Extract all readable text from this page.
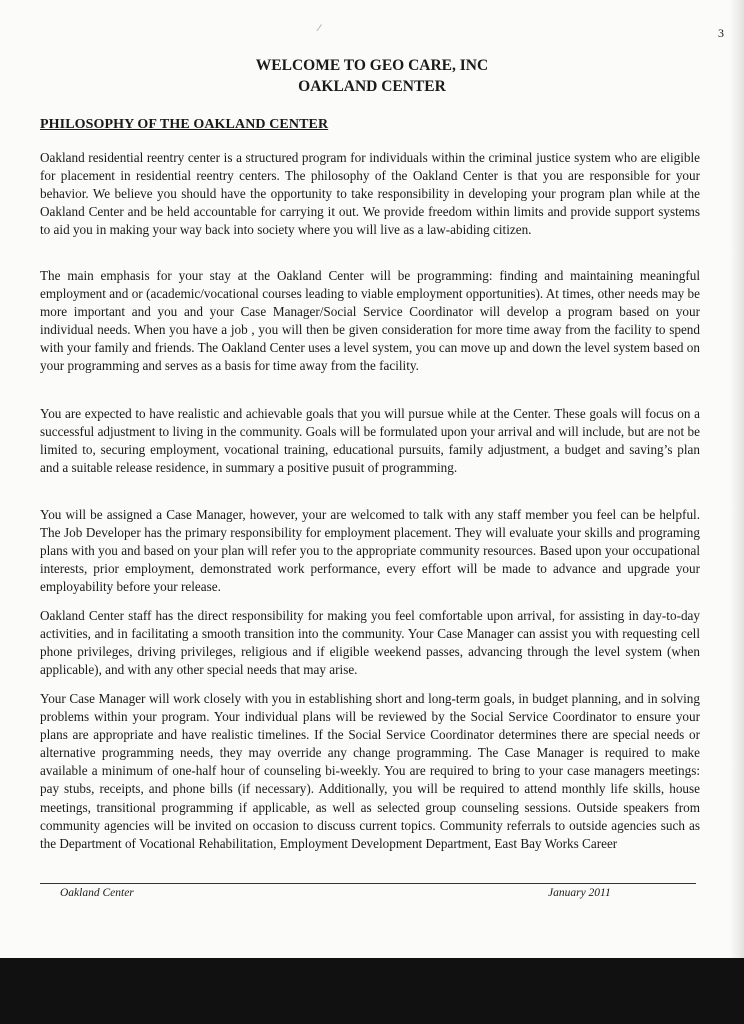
3
WELCOME TO GEO CARE, INC
OAKLAND CENTER
PHILOSOPHY OF THE OAKLAND CENTER

Oakland residential reentry center is a structured program for individuals within the criminal justice system who are eligible for placement in residential reentry centers. The philosophy of the Oakland Center is that you are responsible for your behavior. We believe you should have the opportunity to take responsibility in developing your program plan while at the Oakland Center and be held accountable for carrying it out. We provide freedom within limits and provide support systems to aid you in making your way back into society where you will live as a law-abiding citizen.

The main emphasis for your stay at the Oakland Center will be programming: finding and maintaining meaningful employment and or (academic/vocational courses leading to viable employment opportunities). At times, other needs may be more important and you and your Case Manager/Social Service Coordinator will develop a program based on your individual needs. When you have a job , you will then be given consideration for more time away from the facility to spend with your family and friends. The Oakland Center uses a level system, you can move up and down the level system based on your programming and serves as a basis for time away from the facility.

You are expected to have realistic and achievable goals that you will pursue while at the Center. These goals will focus on a successful adjustment to living in the community. Goals will be formulated upon your arrival and will include, but are not be limited to, securing employment, vocational training, educational pursuits, family adjustment, a budget and saving’s plan and a suitable release residence, in summary a positive pusuit of programming.

You will be assigned a Case Manager, however, your are welcomed to talk with any staff member you feel can be helpful. The Job Developer has the primary responsibility for employment placement. They will evaluate your skills and programing plans with you and based on your plan will refer you to the appropriate community resources. Based upon your occupational interests, prior employment, demonstrated work performance, every effort will be made to advance and upgrade your employability before your release.

Oakland Center staff has the direct responsibility for making you feel comfortable upon arrival, for assisting in day-to-day activities, and in facilitating a smooth transition into the community. Your Case Manager can assist you with requesting cell phone privileges, driving privileges, religious and if eligible weekend passes, advancing through the level system (when applicable), and with any other special needs that may arise.

Your Case Manager will work closely with you in establishing short and long-term goals, in budget planning, and in solving problems within your program. Your individual plans will be reviewed by the Social Service Coordinator to ensure your plans are appropriate and have realistic timelines. If the Social Service Coordinator determines there are special needs or alternative programming needs, they may override any change programming. The Case Manager is required to make available a minimum of one-half hour of counseling bi-weekly. You are required to bring to your case managers meetings: pay stubs, receipts, and phone bills (if necessary). Additionally, you will be required to attend monthly life skills, house meetings, transitional programming if applicable, as well as selected group counseling sessions. Outside speakers from community agencies will be invited on occasion to discuss current topics. Community referrals to outside agencies such as the Department of Vocational Rehabilitation, Employment Development Department, East Bay Works Career

Oakland Center	January 2011
